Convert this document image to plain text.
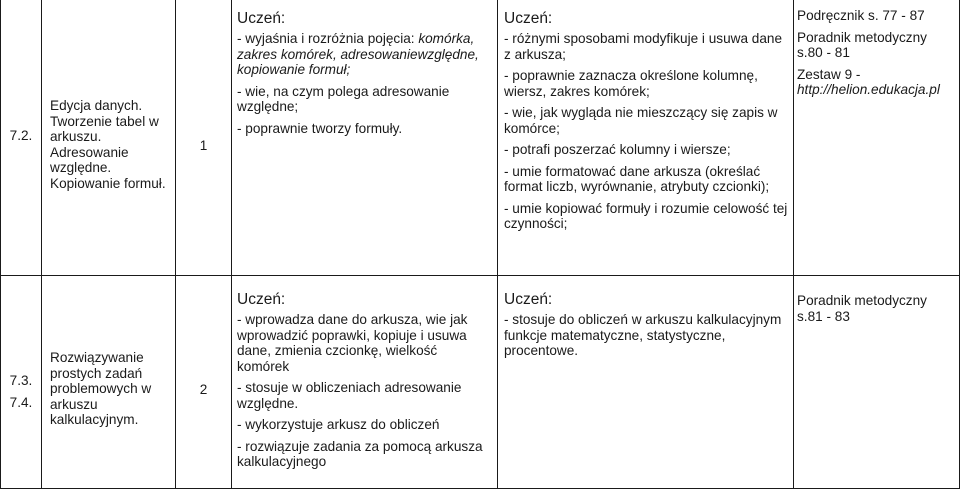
7.2.
Edycja danych. Tworzenie tabel w arkuszu. Adresowanie względne. Kopiowanie formuł.
1

Uczeń:

- wyjaśnia i rozróżnia pojęcia: komórka, zakres komórek, adresowaniewzględne, kopiowanie formuł;

- wie, na czym polega adresowanie względne;

- poprawnie tworzy formuły.

Uczeń:

- różnymi sposobami modyfikuje i usuwa dane z arkusza;

- poprawnie zaznacza określone kolumnę, wiersz, zakres komórek;

- wie, jak wygląda nie mieszczący się zapis w komórce;

- potrafi poszerzać kolumny i wiersze;

- umie formatować dane arkusza (określać format liczb, wyrównanie, atrybuty czcionki);

- umie kopiować formuły i rozumie celowość tej czynności;

Podręcznik s. 77 - 87

Poradnik metodyczny s.80 - 81

Zestaw 9 - http://helion.edukacja.pl

7.3.
7.4.
Rozwiązywanie prostych zadań problemowych w arkuszu kalkulacyjnym.
2

Uczeń:

- wprowadza dane do arkusza, wie jak wprowadzić poprawki, kopiuje i usuwa dane, zmienia czcionkę, wielkość komórek

- stosuje w obliczeniach adresowanie względne.

- wykorzystuje arkusz do obliczeń

- rozwiązuje zadania za pomocą arkusza kalkulacyjnego

Uczeń:

- stosuje do obliczeń w arkuszu kalkulacyjnym funkcje matematyczne, statystyczne, procentowe.

Poradnik metodyczny s.81 - 83
